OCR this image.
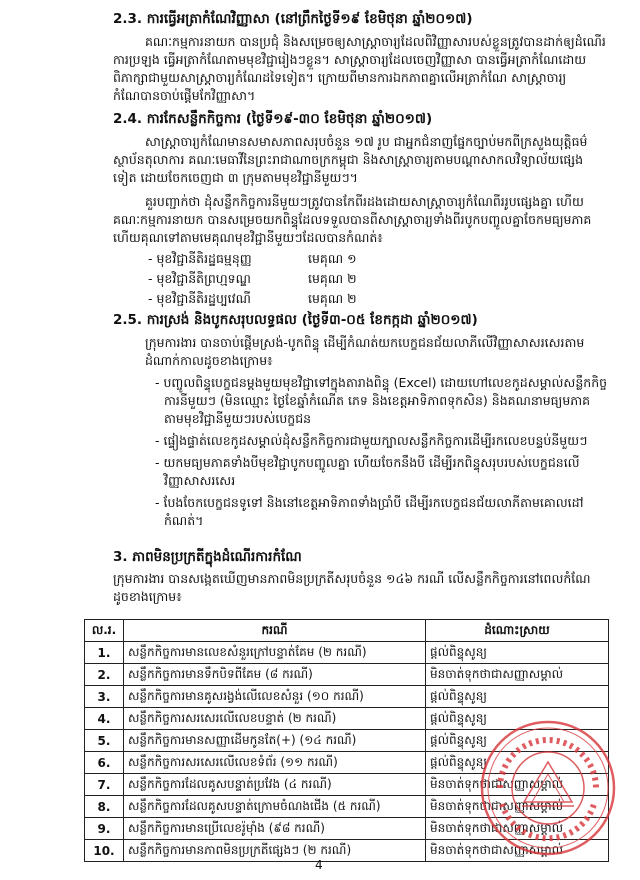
2.3. ការធ្វើអត្រាកំណែវិញ្ញាសា (នៅព្រឹកថ្ងៃទី១៩ ខែមិថុនា ឆ្នាំ២០១៧)
គណៈកម្មការនាយក បានប្រជុំ និងសម្រេចឲ្យសាស្ត្រាចារ្យដែលពិវិញ្ញាសារបស់ខ្លួនត្រូវបានដាក់ឲ្យដំណើរ
ការប្រឡង ធ្វើអត្រាកំណែតាមមុខវិជ្ជារៀងៗខ្លួន។ សាស្ត្រាចារ្យដែលចេញវិញ្ញាសា បានធ្វើអត្រាកំណែដោយ
ពិភាក្សាជាមួយសាស្ត្រាចារ្យកំណែដទៃទៀត។ ក្រោយពីមានការឯកភាពគ្នាលើអត្រាកំណែ សាស្ត្រាចារ្យ
កំណែបានចាប់ផ្តើមកែវិញ្ញាសា។
2.4. ការកែសន្លឹកកិច្ចការ (ថ្ងៃទី១៩-៣០ ខែមិថុនា ឆ្នាំ២០១៧)
សាស្ត្រាចារ្យកំណែមានសមាសភាពសរុបចំនួន ១៧ រូប ជាអ្នកជំនាញផ្នែកច្បាប់មកពីក្រសួងយុត្តិធម៌
ស្ថាប័នតុលាការ គណៈមេធាវីនៃព្រះរាជាណាចក្រកម្ពុជា និងសាស្ត្រាចារ្យតាមបណ្តាសាកលវិទ្យាល័យផ្សេង
ទៀត ដោយចែកចេញជា ៣ ក្រុមតាមមុខវិជ្ជានីមួយៗ។
គួរបញ្ជាក់ថា ដុំសន្លឹកកិច្ចការនីមួយៗត្រូវបានកែពីរដងដោយសាស្ត្រាចារ្យកំណែពីររូបផ្សេងគ្នា ហើយ
គណៈកម្មការនាយក បានសម្រេចយកពិន្ទុដែលទទួលបានពីសាស្ត្រាចារ្យទាំងពីរបូកបញ្ចូលគ្នាចែកមធ្យមភាគ
ហើយគុណទៅតាមមេគុណមុខវិជ្ជានីមួយៗដែលបានកំណត់៖
- មុខវិជ្ជានីតិរដ្ឋធម្មនុញ្ញ	មេគុណ ១
- មុខវិជ្ជានីតិព្រហ្មទណ្ឌ	មេគុណ ២
- មុខវិជ្ជានីតិរដ្ឋប្បវេណី	មេគុណ ២
2.5. ការស្រង់ និងបូកសរុបលទ្ធផល (ថ្ងៃទី៣-០៥ ខែកក្កដា ឆ្នាំ២០១៧)
ក្រុមការងារ បានចាប់ផ្តើមស្រង់-បូកពិន្ទុ ដើម្បីកំណត់យកបេក្ខជនជ័យលាភីលើវិញ្ញាសាសរសេរតាម
ដំណាក់កាលដូចខាងក្រោម៖
- បញ្ចូលពិន្ទុបេក្ខជនម្តងមួយមុខវិជ្ជាទៅក្នុងតារាងពិន្ទុ (Excel) ដោយហៅលេខកូដសម្គាល់សន្លឹកកិច្ច
ការនីមួយៗ (មិនឈ្មោះ ថ្ងៃខែឆ្នាំកំណើត ភេទ និងខេត្តអាទិភាពទុកសិន) និងគណនាមធ្យមភាគ
តាមមុខវិជ្ជានីមួយៗរបស់បេក្ខជន
- ផ្ទៀងផ្ទាត់លេខកូដសម្គាល់ដុំសន្លឹកកិច្ចការជាមួយក្បាលសន្លឹកកិច្ចការដើម្បីរកលេខបន្ទប់នីមួយៗ
- យកមធ្យមភាគទាំងបីមុខវិជ្ជាបូកបញ្ចូលគ្នា ហើយចែកនឹងបី ដើម្បីរកពិន្ទុសរុបរបស់បេក្ខជនលើ
វិញ្ញាសាសរសេរ
- បែងចែកបេក្ខជនទូទៅ និងនៅខេត្តអាទិភាពទាំងប្រាំបី ដើម្បីរកបេក្ខជនជ័យលាភីតាមគោលដៅ
កំណត់។
3. ភាពមិនប្រក្រតីក្នុងដំណើរការកំណែ
ក្រុមការងារ បានសង្កេតឃើញមានភាពមិនប្រក្រតីសរុបចំនួន ១៤៦ ករណី លើសន្លឹកកិច្ចការនៅពេលកំណែ
ដូចខាងក្រោម៖
ល.រ.	ករណី	ដំណោះស្រាយ
1.	សន្លឹកកិច្ចការមានលេខសំនួរក្រៅបន្ទាត់គែម (២ ករណី)	ផ្តល់ពិន្ទុសូន្យ
2.	សន្លឹកកិច្ចការមានទឹកបិទពីគែម (៨ ករណី)	មិនចាត់ទុកថាជាសញ្ញាសម្គាល់
3.	សន្លឹកកិច្ចការមានគូសរង្វង់លើលេខសំនួរ (១០ ករណី)	ផ្តល់ពិន្ទុសូន្យ
4.	សន្លឹកកិច្ចការសរសេរលើលេខបន្ទាត់ (២ ករណី)	ផ្តល់ពិន្ទុសូន្យ
5.	សន្លឹកកិច្ចការមានសញ្ញាដើមកូនតែ(+) (១៤ ករណី)	ផ្តល់ពិន្ទុសូន្យ
6.	សន្លឹកកិច្ចការសរសេរលើលេខទំព័រ (១១ ករណី)	ផ្តល់ពិន្ទុសូន្យ
7.	សន្លឹកកិច្ចការដែលគូសបន្ទាត់ប្រវែង (៤ ករណី)	មិនចាត់ទុកថាជាសញ្ញាសម្គាល់
8.	សន្លឹកកិច្ចការដែលគូសបន្ទាត់ក្រោមចំណងជើង (៥ ករណី)	មិនចាត់ទុកថាជាសញ្ញាសម្គាល់
9.	សន្លឹកកិច្ចការមានប្រើលេខរ៉ូម៉ាំង (៩៨ ករណី)	មិនចាត់ទុកថាជាសញ្ញាសម្គាល់
10.	សន្លឹកកិច្ចការមានភាពមិនប្រក្រតីផ្សេងៗ (២ ករណី)	មិនចាត់ទុកថាជាសញ្ញាសម្គាល់
4
